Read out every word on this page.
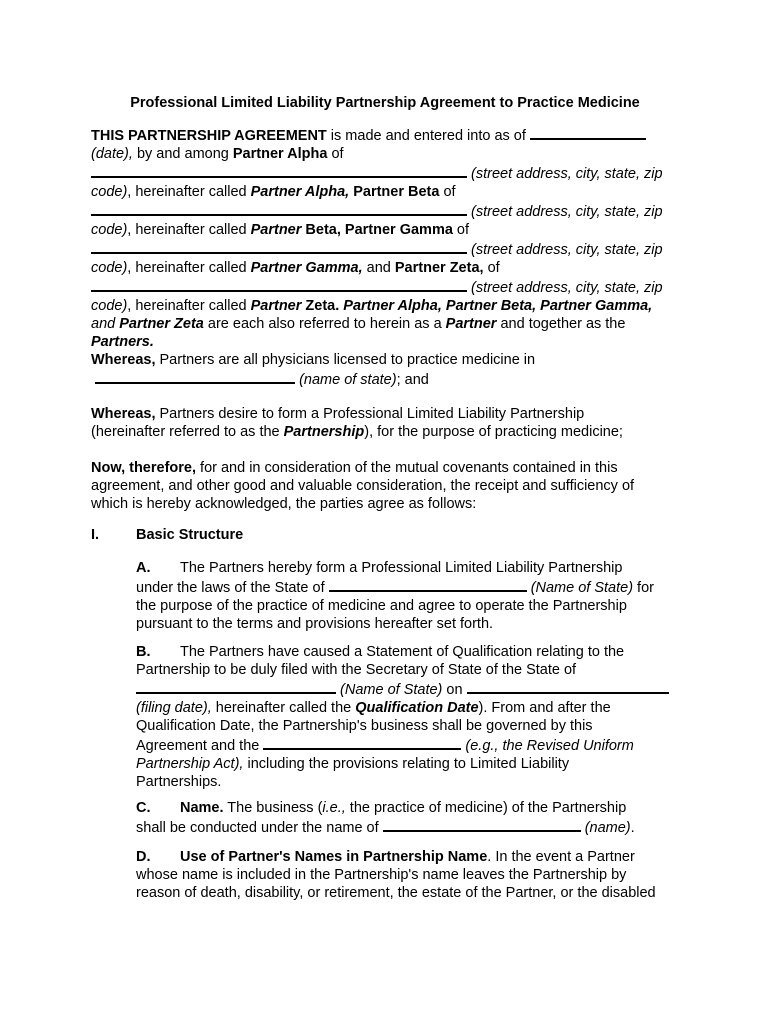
Professional Limited Liability Partnership Agreement to Practice Medicine
THIS PARTNERSHIP AGREEMENT is made and entered into as of
(date), by and among Partner Alpha of
(street address, city, state, zip
code), hereinafter called Partner Alpha, Partner Beta of
(street address, city, state, zip
code), hereinafter called Partner Beta, Partner Gamma of
(street address, city, state, zip
code), hereinafter called Partner Gamma, and Partner Zeta, of
(street address, city, state, zip
code), hereinafter called Partner Zeta. Partner Alpha, Partner Beta, Partner Gamma,
and Partner Zeta are each also referred to herein as a Partner and together as the
Partners.
Whereas, Partners are all physicians licensed to practice medicine in
(name of state); and
Whereas, Partners desire to form a Professional Limited Liability Partnership
(hereinafter referred to as the Partnership), for the purpose of practicing medicine;
Now, therefore, for and in consideration of the mutual covenants contained in this
agreement, and other good and valuable consideration, the receipt and sufficiency of
which is hereby acknowledged, the parties agree as follows:
I.	Basic Structure
A. The Partners hereby form a Professional Limited Liability Partnership
under the laws of the State of	(Name of State) for
the purpose of the practice of medicine and agree to operate the Partnership
pursuant to the terms and provisions hereafter set forth.
B. The Partners have caused a Statement of Qualification relating to the
Partnership to be duly filed with the Secretary of State of the State of
(Name of State) on
(filing date), hereinafter called the Qualification Date). From and after the
Qualification Date, the Partnership's business shall be governed by this
Agreement and the	(e.g., the Revised Uniform
Partnership Act), including the provisions relating to Limited Liability
Partnerships.
C. Name. The business (i.e., the practice of medicine) of the Partnership
shall be conducted under the name of	(name).
D. Use of Partner's Names in Partnership Name. In the event a Partner
whose name is included in the Partnership's name leaves the Partnership by
reason of death, disability, or retirement, the estate of the Partner, or the disabled
